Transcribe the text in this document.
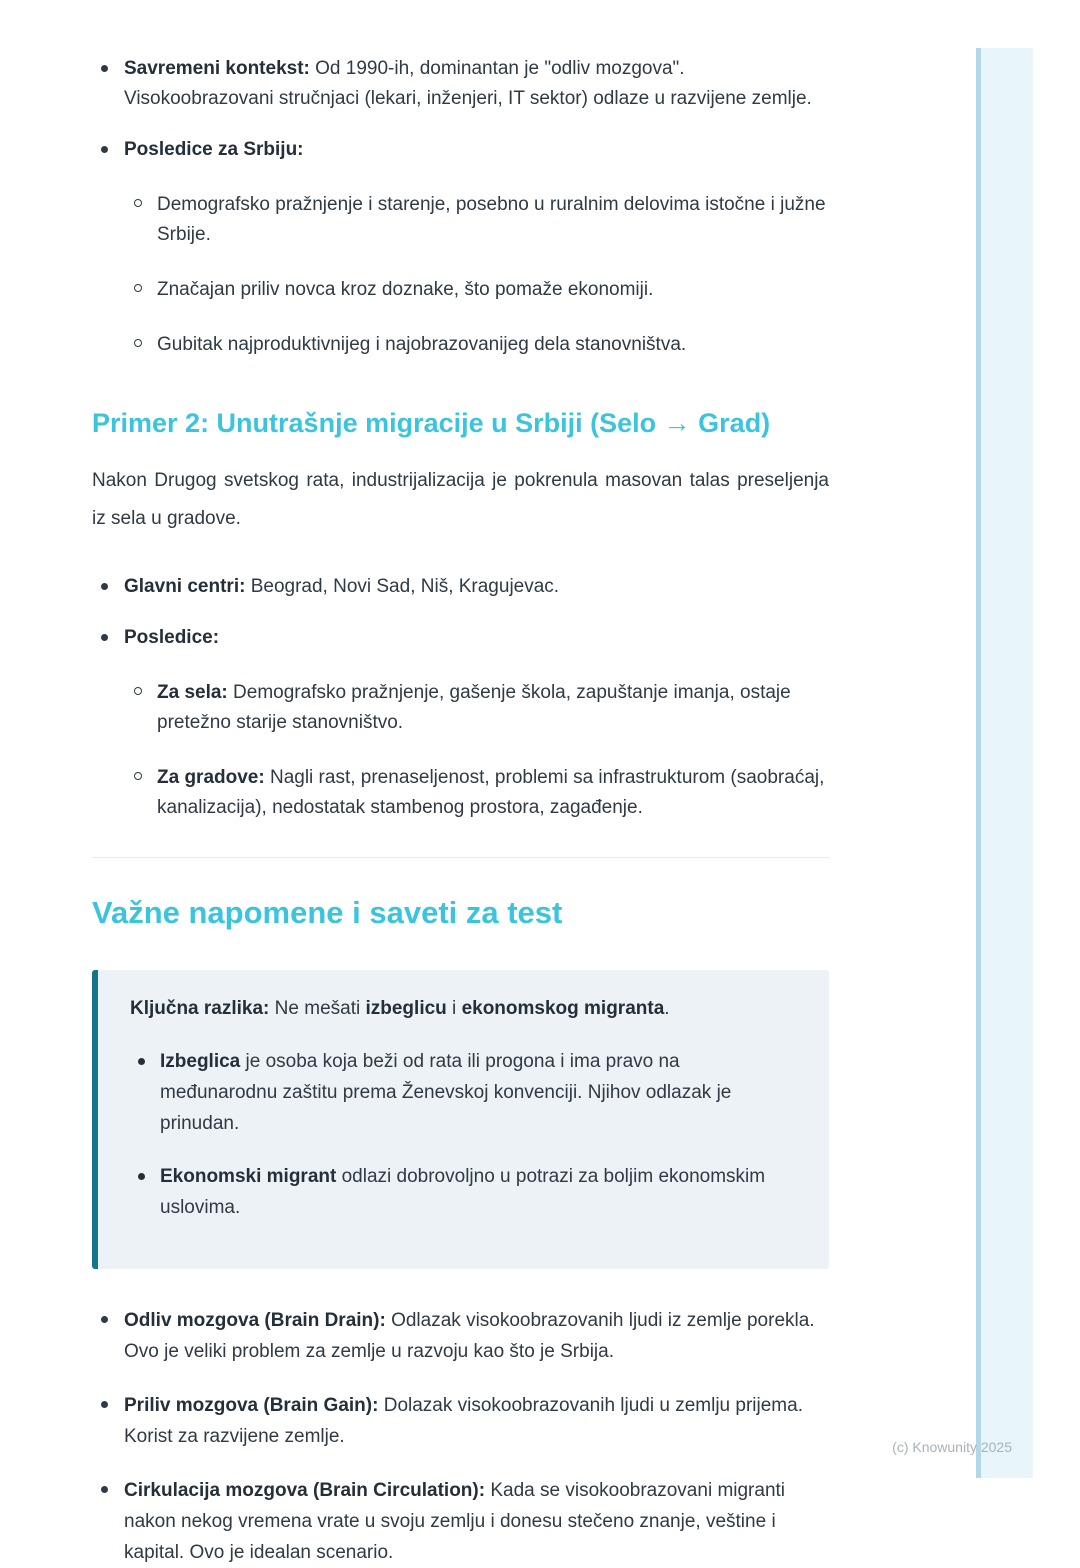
Savremeni kontekst: Od 1990-ih, dominantan je "odliv mozgova". Visokoobrazovani stručnjaci (lekari, inženjeri, IT sektor) odlaze u razvijene zemlje.
Posledice za Srbiju:
Demografsko pražnjenje i starenje, posebno u ruralnim delovima istočne i južne Srbije.
Značajan priliv novca kroz doznake, što pomaže ekonomiji.
Gubitak najproduktivnijeg i najobrazovanijeg dela stanovništva.
Primer 2: Unutrašnje migracije u Srbiji (Selo → Grad)

Nakon Drugog svetskog rata, industrijalizacija je pokrenula masovan talas preseljenja iz sela u gradove.

Glavni centri: Beograd, Novi Sad, Niš, Kragujevac.
Posledice:
Za sela: Demografsko pražnjenje, gašenje škola, zapuštanje imanja, ostaje pretežno starije stanovništvo.
Za gradove: Nagli rast, prenaseljenost, problemi sa infrastrukturom (saobraćaj, kanalizacija), nedostatak stambenog prostora, zagađenje.
Važne napomene i saveti za test
Ključna razlika: Ne mešati izbeglicu i ekonomskog migranta.
Izbeglica je osoba koja beži od rata ili progona i ima pravo na međunarodnu zaštitu prema Ženevskoj konvenciji. Njihov odlazak je prinudan.
Ekonomski migrant odlazi dobrovoljno u potrazi za boljim ekonomskim uslovima.
Odliv mozgova (Brain Drain): Odlazak visokoobrazovanih ljudi iz zemlje porekla. Ovo je veliki problem za zemlje u razvoju kao što je Srbija.
Priliv mozgova (Brain Gain): Dolazak visokoobrazovanih ljudi u zemlju prijema. Korist za razvijene zemlje.
Cirkulacija mozgova (Brain Circulation): Kada se visokoobrazovani migranti nakon nekog vremena vrate u svoju zemlju i donesu stečeno znanje, veštine i kapital. Ovo je idealan scenario.
(c) Knowunity 2025
